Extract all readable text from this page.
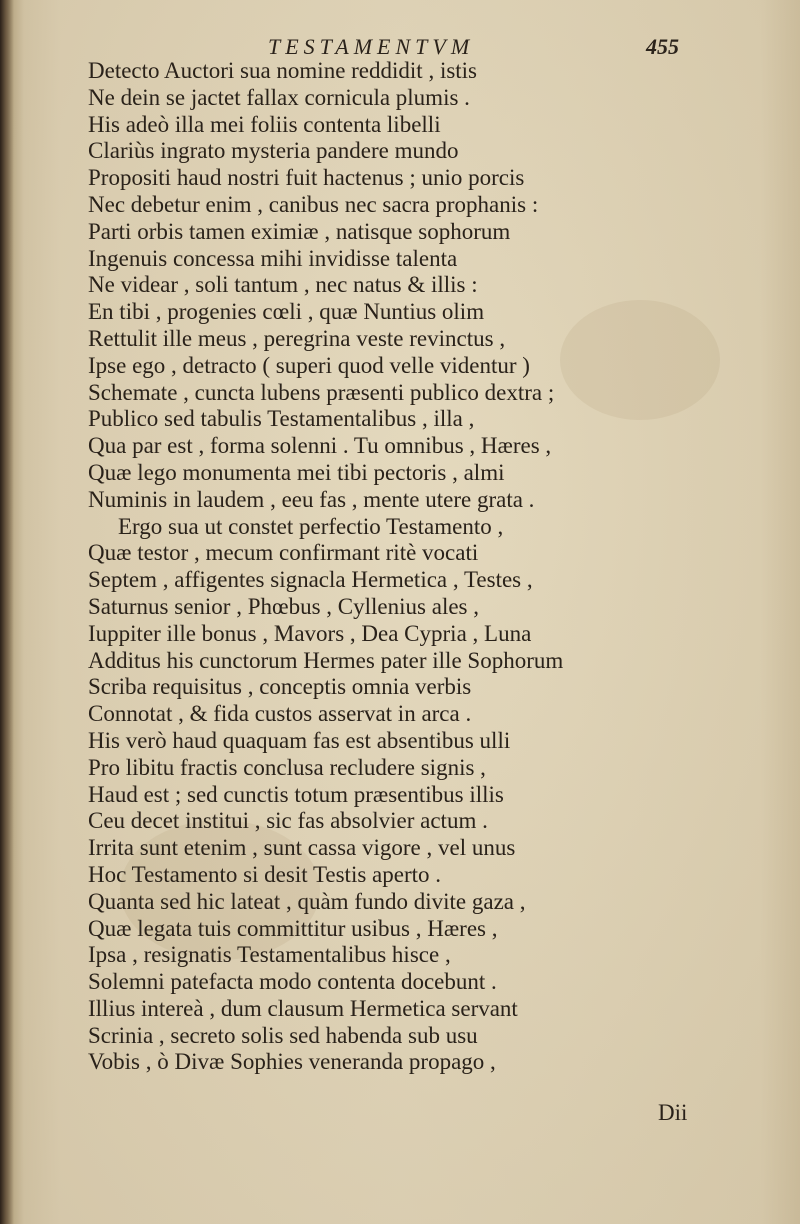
TESTAMENTVM	455
Detecto Auctori sua nomine reddidit , istis
Ne dein se jactet fallax cornicula plumis .
His adeò illa mei foliis contenta libelli
Clariùs ingrato mysteria pandere mundo
Propositi haud nostri fuit hactenus ; unio porcis
Nec debetur enim , canibus nec sacra prophanis :
Parti orbis tamen eximiæ , natisque sophorum
Ingenuis concessa mihi invidisse talenta
Ne videar , soli tantum , nec natus & illis :
En tibi , progenies cœli , quæ Nuntius olim
Rettulit ille meus , peregrina veste revinctus ,
Ipse ego , detracto ( superi quod velle videntur )
Schemate , cuncta lubens præsenti publico dextra ;
Publico sed tabulis Testamentalibus , illa ,
Qua par est , forma solenni . Tu omnibus , Hæres ,
Quæ lego monumenta mei tibi pectoris , almi
Numinis in laudem , eeu fas , mente utere grata .
Ergo sua ut constet perfectio Testamento ,
Quæ testor , mecum confirmant ritè vocati
Septem , affigentes signacla Hermetica , Testes ,
Saturnus senior , Phœbus , Cyllenius ales ,
Iuppiter ille bonus , Mavors , Dea Cypria , Luna
Additus his cunctorum Hermes pater ille Sophorum
Scriba requisitus , conceptis omnia verbis
Connotat , & fida custos asservat in arca .
His verò haud quaquam fas est absentibus ulli
Pro libitu fractis conclusa recludere signis ,
Haud est ; sed cunctis totum præsentibus illis
Ceu decet institui , sic fas absolvier actum .
Irrita sunt etenim , sunt cassa vigore , vel unus
Hoc Testamento si desit Testis aperto .
Quanta sed hic lateat , quàm fundo divite gaza ,
Quæ legata tuis committitur usibus , Hæres ,
Ipsa , resignatis Testamentalibus hisce ,
Solemni patefacta modo contenta docebunt .
Illius intereà , dum clausum Hermetica servant
Scrinia , secreto solis sed habenda sub usu
Vobis , ò Divæ Sophies veneranda propago ,
Dii
